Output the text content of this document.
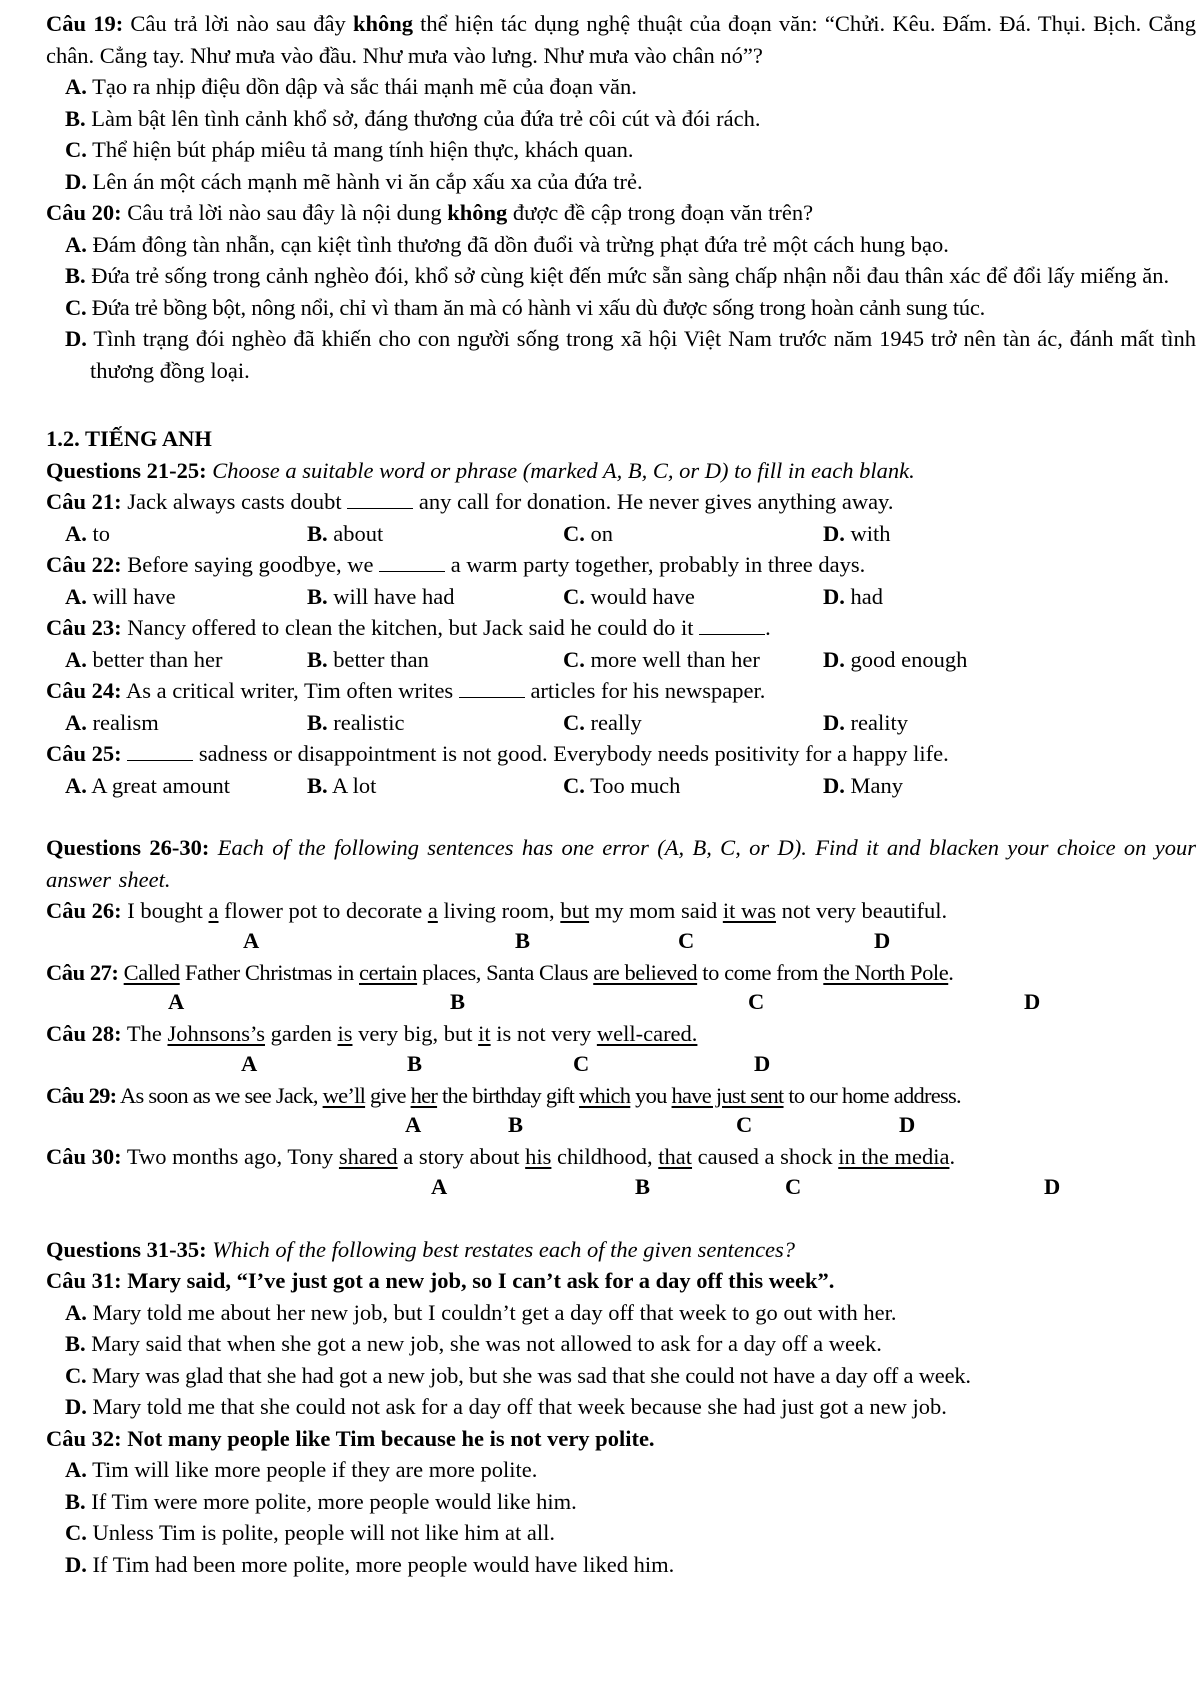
Câu 19: Câu trả lời nào sau đây không thể hiện tác dụng nghệ thuật của đoạn văn: “Chửi. Kêu. Đấm. Đá. Thụi. Bịch. Cẳng chân. Cẳng tay. Như mưa vào đầu. Như mưa vào lưng. Như mưa vào chân nó”?

A. Tạo ra nhịp điệu dồn dập và sắc thái mạnh mẽ của đoạn văn.

B. Làm bật lên tình cảnh khổ sở, đáng thương của đứa trẻ côi cút và đói rách.

C. Thể hiện bút pháp miêu tả mang tính hiện thực, khách quan.

D. Lên án một cách mạnh mẽ hành vi ăn cắp xấu xa của đứa trẻ.

Câu 20: Câu trả lời nào sau đây là nội dung không được đề cập trong đoạn văn trên?

A. Đám đông tàn nhẫn, cạn kiệt tình thương đã dồn đuổi và trừng phạt đứa trẻ một cách hung bạo.

B. Đứa trẻ sống trong cảnh nghèo đói, khổ sở cùng kiệt đến mức sẵn sàng chấp nhận nỗi đau thân xác để đổi lấy miếng ăn.

C. Đứa trẻ bồng bột, nông nổi, chỉ vì tham ăn mà có hành vi xấu dù được sống trong hoàn cảnh sung túc.

D. Tình trạng đói nghèo đã khiến cho con người sống trong xã hội Việt Nam trước năm 1945 trở nên tàn ác, đánh mất tình thương đồng loại.

1.2. TIẾNG ANH

Questions 21-25: Choose a suitable word or phrase (marked A, B, C, or D) to fill in each blank.

Câu 21: Jack always casts doubt	any call for donation. He never gives anything away.

A. to	B. about	C. on	D. with

Câu 22: Before saying goodbye, we	a warm party together, probably in three days.

A. will have	B. will have had	C. would have	D. had

Câu 23: Nancy offered to clean the kitchen, but Jack said he could do it	.

A. better than her	B. better than	C. more well than her	D. good enough

Câu 24: As a critical writer, Tim often writes	articles for his newspaper.

A. realism	B. realistic	C. really	D. reality

Câu 25:	sadness or disappointment is not good. Everybody needs positivity for a happy life.

A. A great amount	B. A lot	C. Too much	D. Many

Questions 26-30: Each of the following sentences has one error (A, B, C, or D). Find it and blacken your choice on your answer sheet.

Câu 26: I bought a flower pot to decorate a living room, but my mom said it was not very beautiful.

A	B	C	D

Câu 27: Called Father Christmas in certain places, Santa Claus are believed to come from the North Pole.

A	B	C	D

Câu 28: The Johnsons’s garden is very big, but it is not very well-cared.

A	B	C	D

Câu 29: As soon as we see Jack, we’ll give her the birthday gift which you have just sent to our home address.

A	B	C	D

Câu 30: Two months ago, Tony shared a story about his childhood, that caused a shock in the media.

A	B	C	D

Questions 31-35: Which of the following best restates each of the given sentences?

Câu 31: Mary said, “I’ve just got a new job, so I can’t ask for a day off this week”.

A. Mary told me about her new job, but I couldn’t get a day off that week to go out with her.

B. Mary said that when she got a new job, she was not allowed to ask for a day off a week.

C. Mary was glad that she had got a new job, but she was sad that she could not have a day off a week.

D. Mary told me that she could not ask for a day off that week because she had just got a new job.

Câu 32: Not many people like Tim because he is not very polite.

A. Tim will like more people if they are more polite.

B. If Tim were more polite, more people would like him.

C. Unless Tim is polite, people will not like him at all.

D. If Tim had been more polite, more people would have liked him.
